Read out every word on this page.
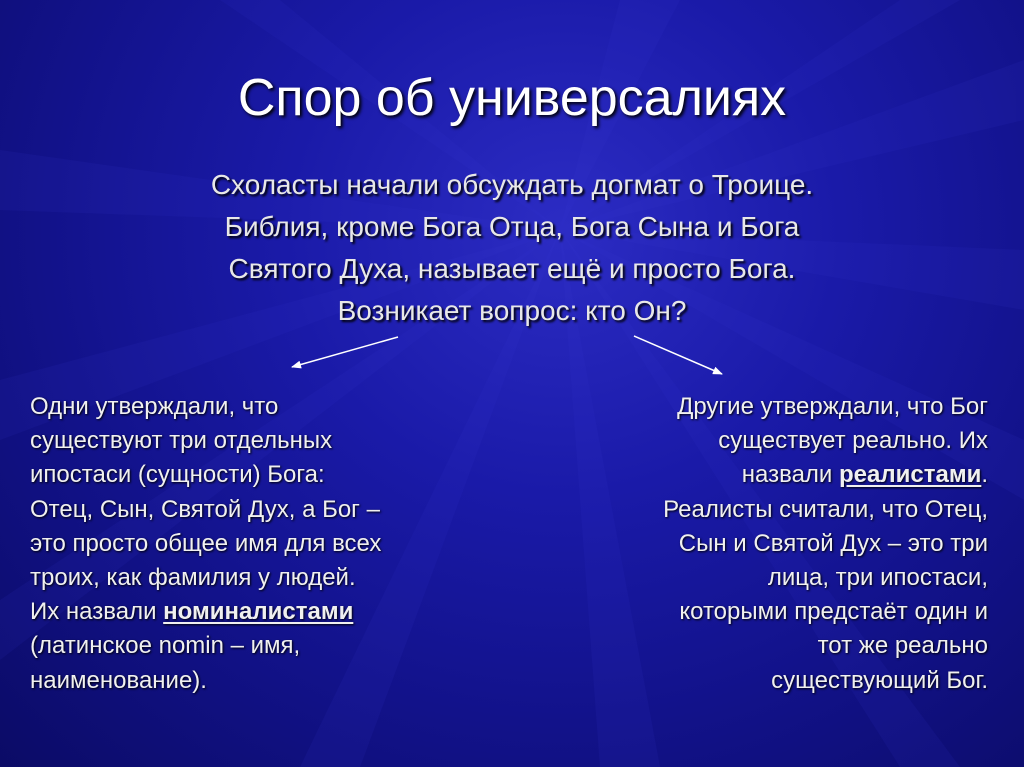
Спор об универсалиях
Схоласты начали обсуждать догмат о Троице.
Библия, кроме Бога Отца, Бога Сына и Бога
Святого Духа, называет ещё и просто Бога.
Возникает вопрос: кто Он?
Одни утверждали, что
существуют три отдельных
ипостаси (сущности) Бога:
Отец, Сын, Святой Дух, а Бог –
это просто общее имя для всех
троих, как фамилия у людей.
Их назвали номиналистами
(латинское nomin – имя,
наименование).
Другие утверждали, что Бог
существует реально. Их
назвали реалистами.
Реалисты считали, что Отец,
Сын и Святой Дух – это три
лица, три ипостаси,
которыми предстаёт один и
тот же реально
существующий Бог.
